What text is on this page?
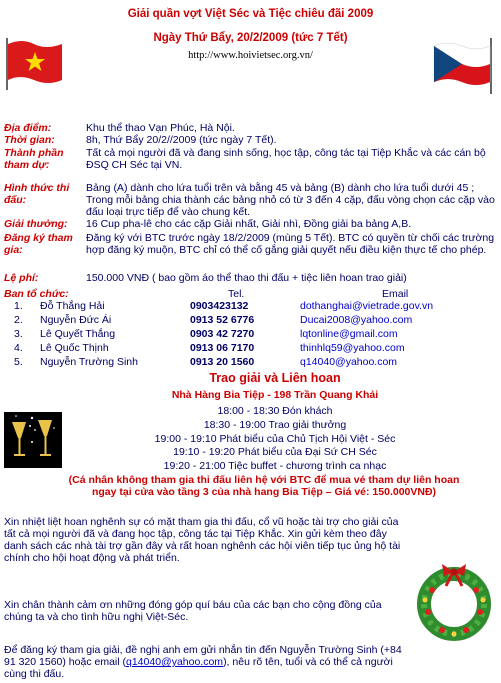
Giải quần vợt Việt Séc và Tiệc chiêu đãi 2009
Ngày Thứ Bẩy, 20/2/2009 (tức 7 Tết)
http://www.hoivietsec.org.vn/
Địa điểm:	Khu thể thao Vạn Phúc, Hà Nội.
Thời gian:	8h, Thứ Bẩy 20/2//2009 (tức ngày 7 Tết).
Thành phần tham dự:
Tất cả mọi người đã và đang sinh sống, học tập, công tác tại Tiệp Khắc và các cán bộ ĐSQ CH Séc tại VN.
Hình thức thi đấu:
Bảng (A) dành cho lứa tuổi trên và bằng 45 và bảng (B) dành cho lứa tuổi dưới 45 ; Trong mỗi bảng chia thành các bảng nhỏ có từ 3 đến 4 cặp, đấu vòng chọn các cặp vào đấu loại trực tiếp để vào chung kết.
Giải thưởng:	16 Cup pha-lê cho các cặp Giải nhất, Giải nhì, Đồng giải ba bảng A,B.
Đăng ký tham gia:
Đăng ký với BTC trước ngày 18/2/2009 (mùng 5 Tết). BTC có quyền từ chối các trường hợp đăng ký muộn, BTC chỉ có thể cố gắng giải quyết nếu điều kiện thực tế cho phép.
Lệ phí:	150.000 VNĐ ( bao gồm áo thể thao thi đấu + tiệc liên hoan trao giải)
Ban tổ chức:	Tel.	Email
1. Đỗ Thắng Hải	0903423132	dothanghai@vietrade.gov.vn
2. Nguyễn Đức Ái	0913 52 6776	Ducai2008@yahoo.com
3. Lê Quyết Thắng	0903 42 7270	lqtonline@gmail.com
4. Lê Quốc Thịnh	0913 06 7170	thinhlq59@yahoo.com
5. Nguyễn Trường Sinh	0913 20 1560	q14040@yahoo.com
Trao giải và Liên hoan
Nhà Hàng Bia Tiệp - 198 Trần Quang Khải
18:00 - 18:30 Đón khách
18:30 - 19:00 Trao giải thưởng
19:00 - 19:10 Phát biểu của Chủ Tịch Hội Việt - Séc
19:10 - 19:20 Phát biểu của Đại Sứ CH Séc
19:20 - 21:00 Tiệc buffet - chương trình ca nhạc
(Cá nhân không tham gia thi đấu liên hệ với BTC để mua vé tham dự liên hoan ngay tại cửa vào tầng 3 của nhà hang Bia Tiệp – Giá vé: 150.000VNĐ)
Xin nhiệt liệt hoan nghênh sự có mặt tham gia thi đấu, cổ vũ hoặc tài trợ cho giải của tất cả mọi người đã và đang học tập, công tác tại Tiệp Khắc. Xin gửi kèm theo đây danh sách các nhà tài trợ gần đây và rất hoan nghênh các hội viên tiếp tục ủng hộ tài chính cho hội hoạt động và phát triển.
Xin chân thành cảm ơn những đóng góp quí báu của các bạn cho cộng đồng của chúng ta và cho tình hữu nghị Việt-Séc.
Để đăng ký tham gia giải, đề nghị anh em gửi nhắn tin đến Nguyễn Trường Sinh (+84 91 320 1560) hoặc email (q14040@yahoo.com), nêu rõ tên, tuổi và có thể cả người cùng thi đấu.
